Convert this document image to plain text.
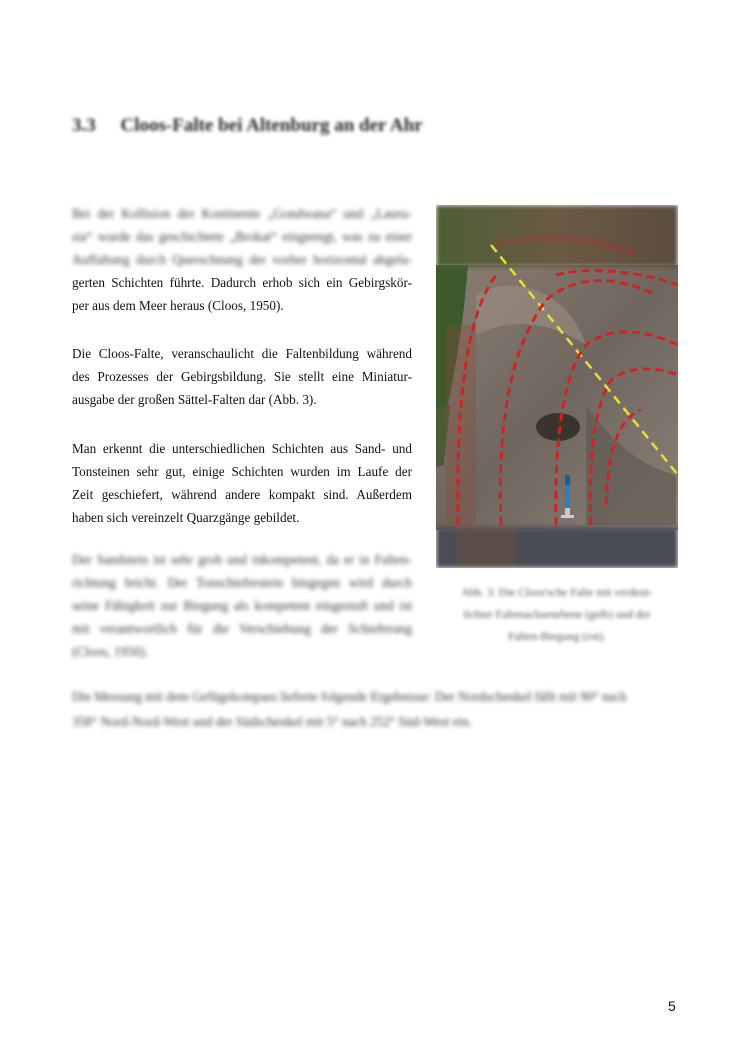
3.3 Cloos-Falte bei Altenburg an der Ahr
Bei der Kollision der Kontinente „Gondwana“ und „Lauru-
sia“ wurde das geschichtete „Brokat“ eingeengt, was zu einer
Auffaltung durch Querschnung der vorher horizontal abgela-
gerten Schichten führte. Dadurch erhob sich ein Gebirgskör-
per aus dem Meer heraus (Cloos, 1950).
Die Cloos-Falte, veranschaulicht die Faltenbildung während
des Prozesses der Gebirgsbildung. Sie stellt eine Miniatur-
ausgabe der großen Sättel-Falten dar (Abb. 3).
Man erkennt die unterschiedlichen Schichten aus Sand- und
Tonsteinen sehr gut, einige Schichten wurden im Laufe der
Zeit geschiefert, während andere kompakt sind. Außerdem
haben sich vereinzelt Quarzgänge gebildet.
Der Sandstein ist sehr grob und inkompetent, da er in Falten-
richtung bricht. Der Tonschieferstein hingegen wird durch
seine Fähigkeit zur Biegung als kompetent eingestuft und ist
mit verantwortlich für die Verschiebung der Schieferung
(Cloos, 1950).
Abb. 3: Die Cloos'sche Falte mit verdeut-
lichter Faltenachsenebene (gelb) und der
Falten-Biegung (rot).
Die Messung mit dem Gefügekompass lieferte folgende Ergebnisse: Der Nordschenkel fällt mit 90° nach
358° Nord-Nord-West und der Südschenkel mit 5° nach 252° Süd-West ein.
5
